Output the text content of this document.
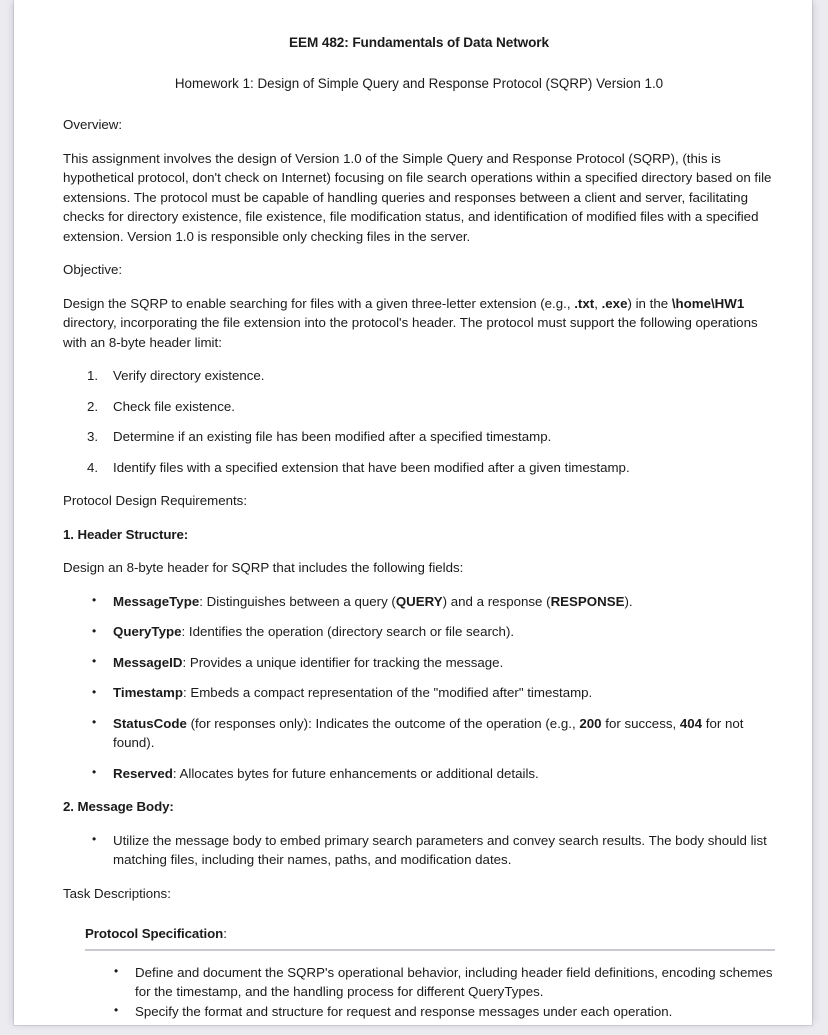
EEM 482: Fundamentals of Data Network
Homework 1: Design of Simple Query and Response Protocol (SQRP) Version 1.0

Overview:

This assignment involves the design of Version 1.0 of the Simple Query and Response Protocol (SQRP), (this is hypothetical protocol, don't check on Internet) focusing on file search operations within a specified directory based on file extensions. The protocol must be capable of handling queries and responses between a client and server, facilitating checks for directory existence, file existence, file modification status, and identification of modified files with a specified extension. Version 1.0 is responsible only checking files in the server.

Objective:

Design the SQRP to enable searching for files with a given three-letter extension (e.g., .txt, .exe) in the \home\HW1 directory, incorporating the file extension into the protocol's header. The protocol must support the following operations with an 8-byte header limit:

1.	Verify directory existence.
2.	Check file existence.
3.	Determine if an existing file has been modified after a specified timestamp.
4.	Identify files with a specified extension that have been modified after a given timestamp.

Protocol Design Requirements:

1. Header Structure:

Design an 8-byte header for SQRP that includes the following fields:

• MessageType: Distinguishes between a query (QUERY) and a response (RESPONSE).
• QueryType: Identifies the operation (directory search or file search).
• MessageID: Provides a unique identifier for tracking the message.
• Timestamp: Embeds a compact representation of the "modified after" timestamp.
• StatusCode (for responses only): Indicates the outcome of the operation (e.g., 200 for success, 404 for not found).
• Reserved: Allocates bytes for future enhancements or additional details.

2. Message Body:

• Utilize the message body to embed primary search parameters and convey search results. The body should list matching files, including their names, paths, and modification dates.

Task Descriptions:

Protocol Specification:
• Define and document the SQRP's operational behavior, including header field definitions, encoding schemes for the timestamp, and the handling process for different QueryTypes.
• Specify the format and structure for request and response messages under each operation.
